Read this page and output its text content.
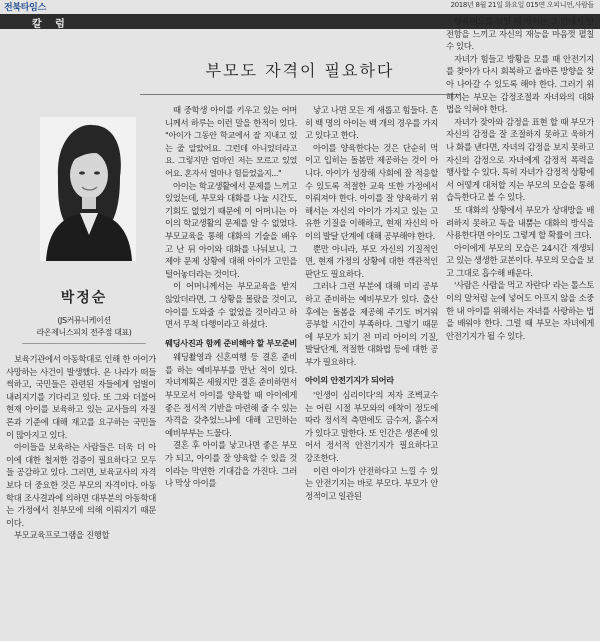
전북타임스	2018년 8월 21일 화요일 015면 오피니언,사람들
칼 럼
부모도 자격이 필요하다
박정순
(JS커뮤니케이션
라온제니스피치 전주점 대표)

보육기관에서 아동학대로 인해 한 아이가 사망하는 사건이 발생했다. 온 나라가 떠들썩하고, 국민들은 관련된 자들에게 엄벌이 내려지기를 기다리고 있다. 또 그와 더불어 현재 아이를 보육하고 있는 교사들의 자질론과 기준에 대해 재고를 요구하는 국민들이 많아지고 있다.

아이들을 보육하는 사람들은 더욱 더 아이에 대한 철저한 검증이 필요하다고 모두들 공감하고 있다. 그러면, 보육교사의 자격보다 더 중요한 것은 부모의 자격이다. 아동학대 조사결과에 의하면 대부분의 아동학대는 가정에서 친부모에 의해 이뤄지기 때문이다.

부모교육프로그램을 진행할

때 중학생 아이를 키우고 있는 어머니께서 하루는 이런 말을 한적이 있다. "아이가 그동안 학교에서 잘 지내고 있는 줄 알았어요. 그런데 아니었더라고요. 그렇지만 엄마인 저는 모르고 있었어요. 혼자서 얼마나 힘들었을지..."

아이는 학교생활에서 문제를 느끼고 있었는데, 부모와 대화를 나눌 시간도, 기회도 없었기 때문에 이 어머니는 아이의 학교생활의 문제를 알 수 없었다. 부모교육을 통해 대화의 기술을 배우고 난 뒤 아이와 대화를 나눠보니, 그제야 문제 상황에 대해 아이가 고민을 털어놓더라는 것이다.

이 어머니께서는 부모교육을 받지 않았더라면, 그 상황을 몰랐을 것이고, 아이를 도와줄 수 없었을 것이라고 하면서 무척 다행이라고 하셨다.

웨딩사진과 함께 준비해야 할 부모준비

웨딩촬영과 신혼여행 등 결혼 준비를 하는 예비부부를 만난 적이 있다. 자녀계획은 세웠지만 결혼 준비하면서 부모로서 아이를 양육할 때 아이에게 좋은 정서적 기반을 마련해 줄 수 있는 자격을 갖추었느냐에 대해 고민하는 예비부부는 드물다.

결혼 후 아이를 낳고나면 좋은 부모가 되고, 아이를 잘 양육할 수 있을 것이라는 막연한 기대감을 가진다. 그러나 막상 아이를

낳고 나면 모든 게 새롭고 힘들다. 흔히 백 명의 아이는 백 개의 경우를 가지고 있다고 한다.

아이를 양육한다는 것은 단순히 먹이고 입히는 돌봄만 제공하는 것이 아니다. 아이가 성장해 사회에 잘 적응할 수 있도록 적절한 교육 또한 가정에서 이뤄져야 한다. 아이를 잘 양육하기 위해서는 자신의 아이가 가지고 있는 고유한 기질을 이해하고, 현재 자신의 아이의 발달 단계에 대해 공부해야 한다.

뿐만 아니라, 부모 자신의 기질적인 면, 현재 가정의 상황에 대한 객관적인 판단도 필요하다.

그러나 그런 부분에 대해 미리 공부하고 준비하는 예비부모가 있다. 출산 후에는 돌봄을 제공해 주기도 버거워 공부할 시간이 부족하다. 그렇기 때문에 부모가 되기 전 미리 아이의 기질, 발달단계, 적절한 대화법 등에 대한 공부가 필요하다.

아이의 안전기지가 되어라

'인생이 심리이다'의 저자 조벽교수는 어린 시절 부모와의 애착이 정도에 따라 정서적 측면에도 금수저, 흙수저가 있다고 말한다. 또 인간은 생존에 있어서 정서적 안전기지가 필요하다고 강조한다.

이런 아이가 안전하다고 느낄 수 있는 안전기지는 바로 부모다. 부모가 안정적이고 일관된

양육태도를 보일 때 아이는 그 안에서 안전함을 느끼고 자신의 재능을 마음껏 펼칠 수 있다.

자녀가 힘들고 방황을 모를 때 안전기지를 찾아가 다시 회복하고 올바른 방향을 찾아 나아갈 수 있도록 해야 한다. 그러기 위해서는 부모는 감정조절과 자녀와의 대화법을 익혀야 한다.

자녀가 잦아와 감정을 표현 할 때 부모가 자신의 감정을 잘 조절하지 못하고 욱하거나 화를 낸다면, 자녀의 감정을 보지 못하고 자신의 감정으로 자녀에게 감정적 폭력을 행사할 수 있다. 특히 자녀가 감정적 상황에서 어떻게 대처할 지는 부모의 모습을 통해 습득한다고 볼 수 있다.

또 대화의 상황에서 부모가 상대방을 배려하지 못하고 독을 내뿜는 대화의 방식을 사용한다면 아이도 그렇게 할 확률이 크다.

아이에게 부모의 모습은 24시간 재생되고 있는 생생한 교본이다. 부모의 모습을 보고 그대로 흡수해 배운다.

'사람은 사람을 먹고 자란다' 라는 톨스토이의 말처럼 눈에 넣어도 아프지 않을 소중한 내 아이를 위해서는 자녀를 사랑하는 법을 배워야 한다. 그럴 때 부모는 자녀에게 안전기지가 될 수 있다.
